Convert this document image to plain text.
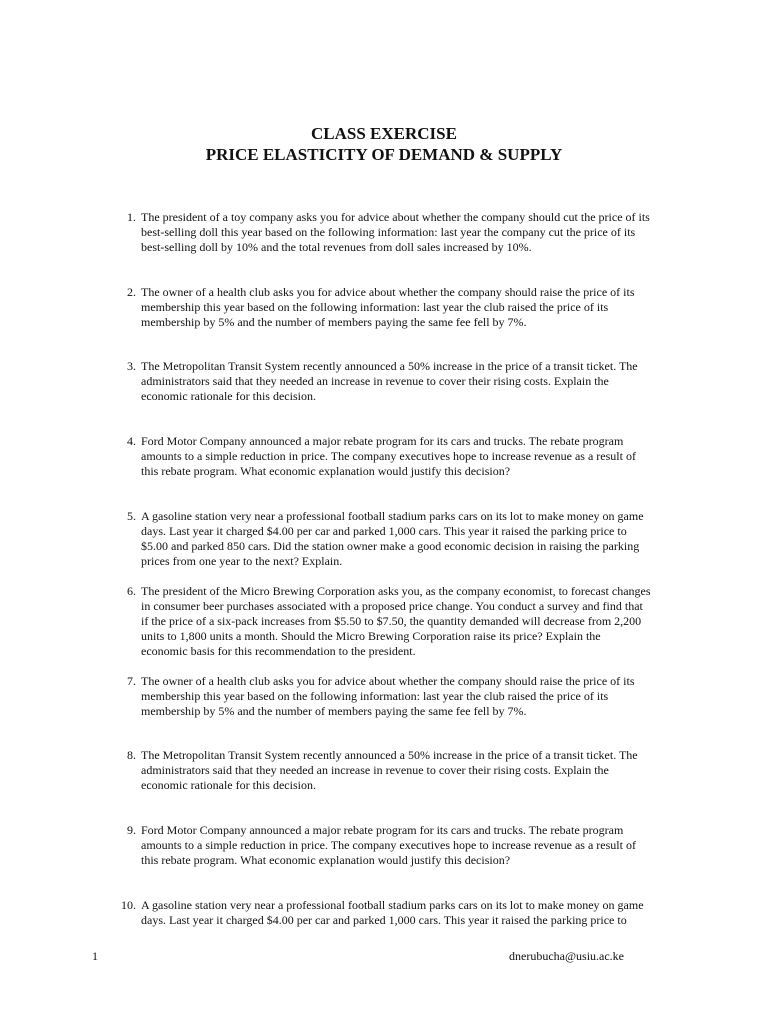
CLASS EXERCISE
PRICE ELASTICITY OF DEMAND & SUPPLY
1. The president of a toy company asks you for advice about whether the company should cut the price of its
best-selling doll this year based on the following information: last year the company cut the price of its
best-selling doll by 10% and the total revenues from doll sales increased by 10%.
2. The owner of a health club asks you for advice about whether the company should raise the price of its
membership this year based on the following information: last year the club raised the price of its
membership by 5% and the number of members paying the same fee fell by 7%.
3. The Metropolitan Transit System recently announced a 50% increase in the price of a transit ticket. The
administrators said that they needed an increase in revenue to cover their rising costs. Explain the
economic rationale for this decision.
4. Ford Motor Company announced a major rebate program for its cars and trucks. The rebate program
amounts to a simple reduction in price. The company executives hope to increase revenue as a result of
this rebate program. What economic explanation would justify this decision?
5. A gasoline station very near a professional football stadium parks cars on its lot to make money on game
days. Last year it charged $4.00 per car and parked 1,000 cars. This year it raised the parking price to
$5.00 and parked 850 cars. Did the station owner make a good economic decision in raising the parking
prices from one year to the next? Explain.
6. The president of the Micro Brewing Corporation asks you, as the company economist, to forecast changes
in consumer beer purchases associated with a proposed price change. You conduct a survey and find that
if the price of a six-pack increases from $5.50 to $7.50, the quantity demanded will decrease from 2,200
units to 1,800 units a month. Should the Micro Brewing Corporation raise its price? Explain the
economic basis for this recommendation to the president.
7. The owner of a health club asks you for advice about whether the company should raise the price of its
membership this year based on the following information: last year the club raised the price of its
membership by 5% and the number of members paying the same fee fell by 7%.
8. The Metropolitan Transit System recently announced a 50% increase in the price of a transit ticket. The
administrators said that they needed an increase in revenue to cover their rising costs. Explain the
economic rationale for this decision.
9. Ford Motor Company announced a major rebate program for its cars and trucks. The rebate program
amounts to a simple reduction in price. The company executives hope to increase revenue as a result of
this rebate program. What economic explanation would justify this decision?
10. A gasoline station very near a professional football stadium parks cars on its lot to make money on game
days. Last year it charged $4.00 per car and parked 1,000 cars. This year it raised the parking price to
1	dnerubucha@usiu.ac.ke
